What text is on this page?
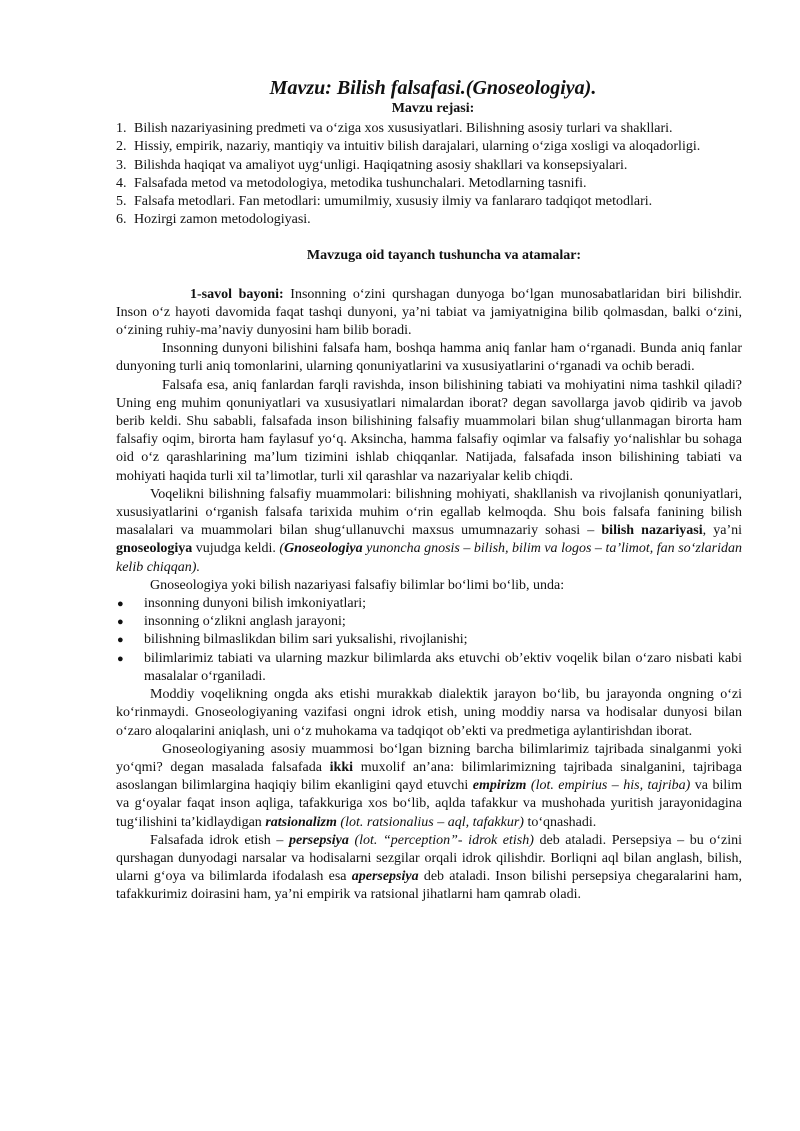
Mavzu: Bilish falsafasi.(Gnoseologiya).
Mavzu rejasi:
1. Bilish nazariyasining predmeti va o‘ziga xos xususiyatlari. Bilishning asosiy turlari va shakllari.
2. Hissiy, empirik, nazariy, mantiqiy va intuitiv bilish darajalari, ularning o‘ziga xosligi va aloqadorligi.
3. Bilishda haqiqat va amaliyot uyg‘unligi. Haqiqatning asosiy shakllari va konsepsiyalari.
4. Falsafada metod va metodologiya, metodika tushunchalari. Metodlarning tasnifi.
5. Falsafa metodlari. Fan metodlari: umumilmiy, xususiy ilmiy va fanlararo tadqiqot metodlari.
6. Hozirgi zamon metodologiyasi.
Mavzuga oid tayanch tushuncha va atamalar:

1-savol bayoni: Insonning o‘zini qurshagan dunyoga bo‘lgan munosabatlaridan biri bilishdir. Inson o‘z hayoti davomida faqat tashqi dunyoni, ya’ni tabiat va jamiyatnigina bilib qolmasdan, balki o‘zini, o‘zining ruhiy-ma’naviy dunyosini ham bilib boradi.

Insonning dunyoni bilishini falsafa ham, boshqa hamma aniq fanlar ham o‘rganadi. Bunda aniq fanlar dunyoning turli aniq tomonlarini, ularning qonuniyatlarini va xususiyatlarini o‘rganadi va ochib beradi.

Falsafa esa, aniq fanlardan farqli ravishda, inson bilishining tabiati va mohiyatini nima tashkil qiladi? Uning eng muhim qonuniyatlari va xususiyatlari nimalardan iborat? degan savollarga javob qidirib va javob berib keldi. Shu sababli, falsafada inson bilishining falsafiy muammolari bilan shug‘ullanmagan birorta ham falsafiy oqim, birorta ham faylasuf yo‘q. Aksincha, hamma falsafiy oqimlar va falsafiy yo‘nalishlar bu sohaga oid o‘z qarashlarining ma’lum tizimini ishlab chiqqanlar. Natijada, falsafada inson bilishining tabiati va mohiyati haqida turli xil ta’limotlar, turli xil qarashlar va nazariyalar kelib chiqdi.

Voqelikni bilishning falsafiy muammolari: bilishning mohiyati, shakllanish va rivojlanish qonuniyatlari, xususiyatlarini o‘rganish falsafa tarixida muhim o‘rin egallab kelmoqda. Shu bois falsafa fanining bilish masalalari va muammolari bilan shug‘ullanuvchi maxsus umumnazariy sohasi – bilish nazariyasi, ya’ni gnoseologiya vujudga keldi. (Gnoseologiya yunoncha gnosis – bilish, bilim va logos – ta’limot, fan so‘zlaridan kelib chiqqan).

Gnoseologiya yoki bilish nazariyasi falsafiy bilimlar bo‘limi bo‘lib, unda:

●	insonning dunyoni bilish imkoniyatlari;
●	insonning o‘zlikni anglash jarayoni;
●	bilishning bilmaslikdan bilim sari yuksalishi, rivojlanishi;
●	bilimlarimiz tabiati va ularning mazkur bilimlarda aks etuvchi ob’ektiv voqelik bilan o‘zaro nisbati kabi masalalar o‘rganiladi.

Moddiy voqelikning ongda aks etishi murakkab dialektik jarayon bo‘lib, bu jarayonda ongning o‘zi ko‘rinmaydi. Gnoseologiyaning vazifasi ongni idrok etish, uning moddiy narsa va hodisalar dunyosi bilan o‘zaro aloqalarini aniqlash, uni o‘z muhokama va tadqiqot ob’ekti va predmetiga aylantirishdan iborat.

Gnoseologiyaning asosiy muammosi bo‘lgan bizning barcha bilimlarimiz tajribada sinalganmi yoki yo‘qmi? degan masalada falsafada ikki muxolif an’ana: bilimlarimizning tajribada sinalganini, tajribaga asoslangan bilimlargina haqiqiy bilim ekanligini qayd etuvchi empirizm (lot. empirius – his, tajriba) va bilim va g‘oyalar faqat inson aqliga, tafakkuriga xos bo‘lib, aqlda tafakkur va mushohada yuritish jarayonidagina tug‘ilishini ta’kidlaydigan ratsionalizm (lot. ratsionalius – aql, tafakkur) to‘qnashadi.

Falsafada idrok etish – persepsiya (lot. “perception”- idrok etish) deb ataladi. Persepsiya – bu o‘zini qurshagan dunyodagi narsalar va hodisalarni sezgilar orqali idrok qilishdir. Borliqni aql bilan anglash, bilish, ularni g‘oya va bilimlarda ifodalash esa apersepsiya deb ataladi. Inson bilishi persepsiya chegaralarini ham, tafakkurimiz doirasini ham, ya’ni empirik va ratsional jihatlarni ham qamrab oladi.
